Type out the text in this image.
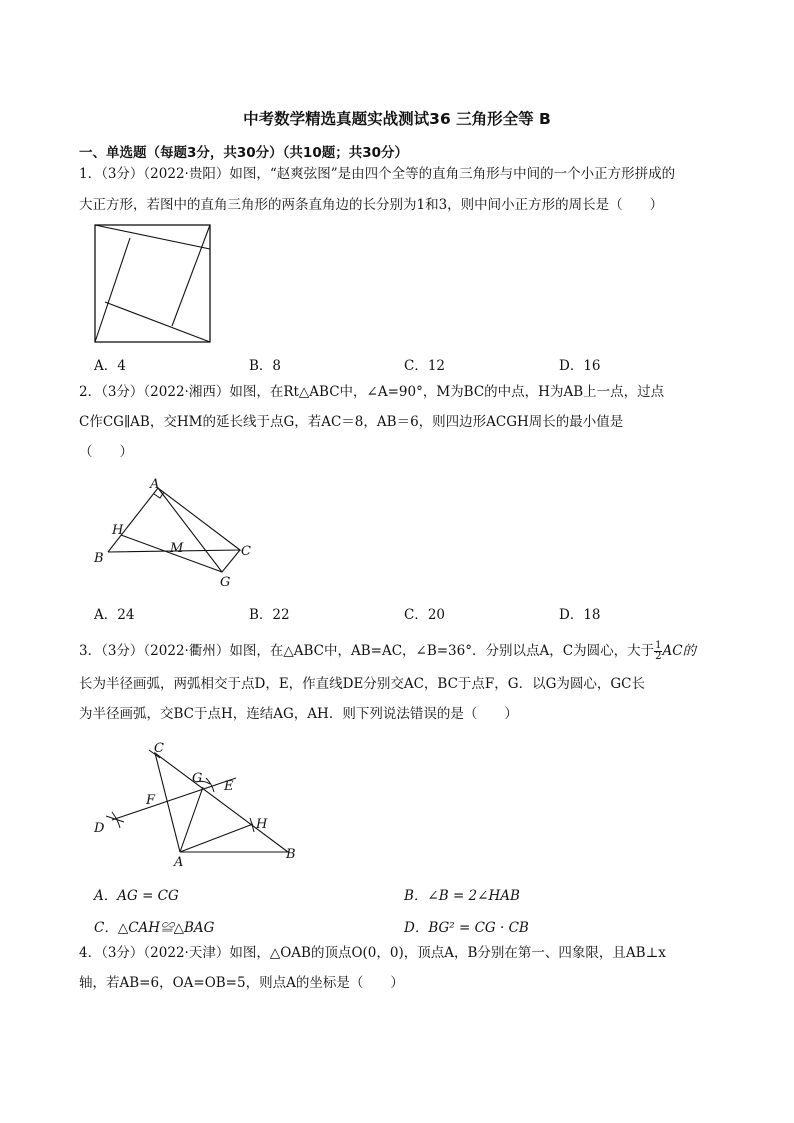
中考数学精选真题实战测试36 三角形全等 B
一、单选题（每题3分，共30分）（共10题；共30分）
1．（3分）（2022·贵阳）如图，“赵爽弦图”是由四个全等的直角三角形与中间的一个小正方形拼成的
大正方形，若图中的直角三角形的两条直角边的长分别为1和3，则中间小正方形的周长是（　　）
A．4	B．8	C．12	D．16
2．（3分）（2022·湘西）如图，在Rt△ABC中，∠A=90°，M为BC的中点，H为AB上一点，过点
C作CG∥AB，交HM的延长线于点G，若AC＝8，AB＝6，则四边形ACGH周长的最小值是
（　　）
A
H
B
M	C
G
A．24	B．22	C．20	D．18
3．（3分）（2022·衢州）如图，在△ABC中，AB=AC，∠B=36°．分别以点A，C为圆心，大于 $\frac{1}{2}$ AC的
长为半径画弧，两弧相交于点D，E，作直线DE分别交AC，BC于点F，G．以G为圆心，GC长
为半径画弧，交BC于点H，连结AG，AH．则下列说法错误的是（　　）
C
G
E
F
D	H
A
B
A．AG = CG	B．∠B = 2∠HAB
C．△CAH≌△BAG	D．BG² = CG · CB
4．（3分）（2022·天津）如图，△OAB的顶点O(0，0)，顶点A，B分别在第一、四象限，且AB⊥x
轴，若AB=6，OA=OB=5，则点A的坐标是（　　）
